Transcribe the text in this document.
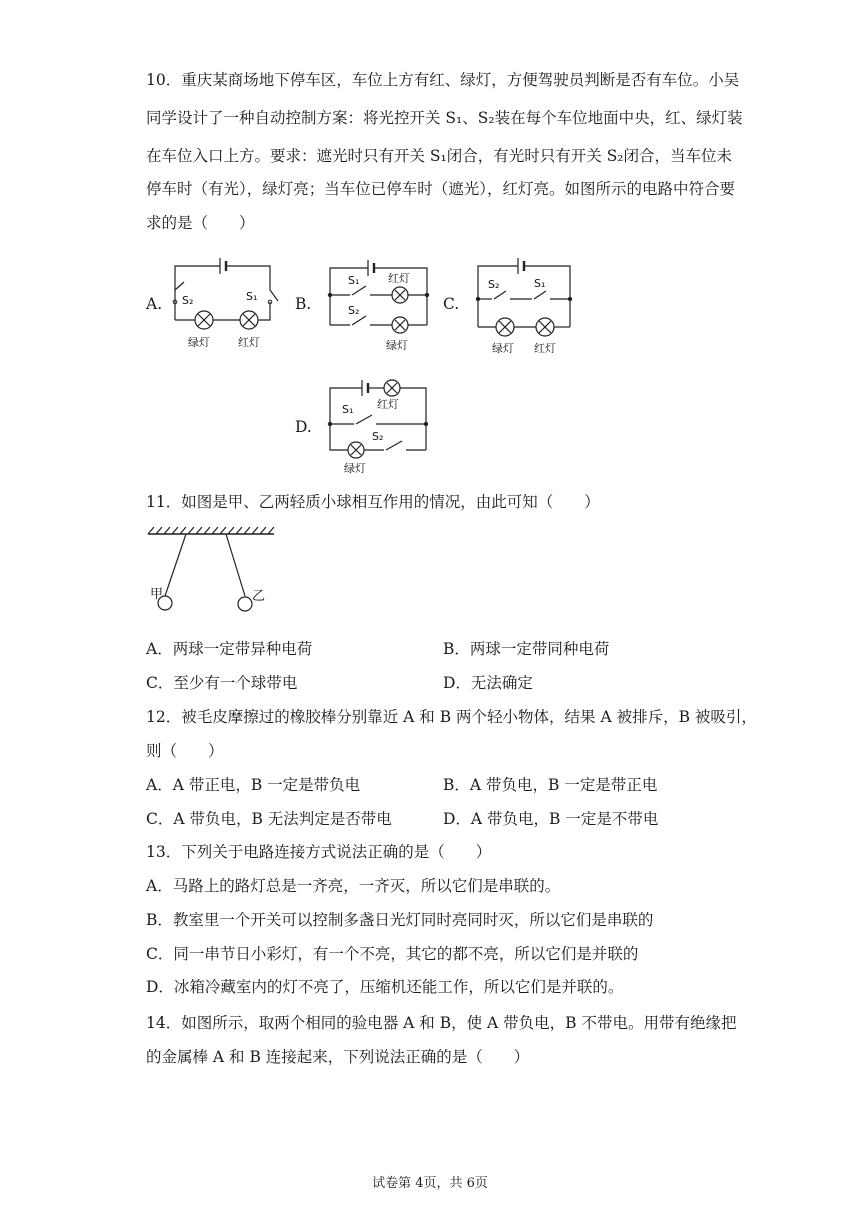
10．重庆某商场地下停车区，车位上方有红、绿灯，方便驾驶员判断是否有车位。小吴
同学设计了一种自动控制方案：将光控开关 S₁、S₂装在每个车位地面中央，红、绿灯装
在车位入口上方。要求：遮光时只有开关 S₁闭合，有光时只有开关 S₂闭合，当车位未
停车时（有光），绿灯亮；当车位已停车时（遮光），红灯亮。如图所示的电路中符合要
求的是（　　）
A. S₂	S₁
绿灯	红灯
B.
S₁	红灯
S₂
绿灯
C.
S₂	S₁
绿灯 红灯
D.
S₁ 红灯
S₂
绿灯
11．如图是甲、乙两轻质小球相互作用的情况，由此可知（　　）
甲	乙
A．两球一定带异种电荷	B．两球一定带同种电荷
C．至少有一个球带电	D．无法确定
12．被毛皮摩擦过的橡胶棒分别靠近 A 和 B 两个轻小物体，结果 A 被排斥，B 被吸引，
则（　　）
A．A 带正电，B 一定是带负电	B．A 带负电，B 一定是带正电
C．A 带负电，B 无法判定是否带电	D．A 带负电，B 一定是不带电
13．下列关于电路连接方式说法正确的是（　　）
A．马路上的路灯总是一齐亮，一齐灭，所以它们是串联的。
B．教室里一个开关可以控制多盏日光灯同时亮同时灭，所以它们是串联的
C．同一串节日小彩灯，有一个不亮，其它的都不亮，所以它们是并联的
D．冰箱冷藏室内的灯不亮了，压缩机还能工作，所以它们是并联的。
14．如图所示，取两个相同的验电器 A 和 B，使 A 带负电，B 不带电。用带有绝缘把
的金属棒 A 和 B 连接起来，下列说法正确的是（　　）
试卷第 4页，共 6页
